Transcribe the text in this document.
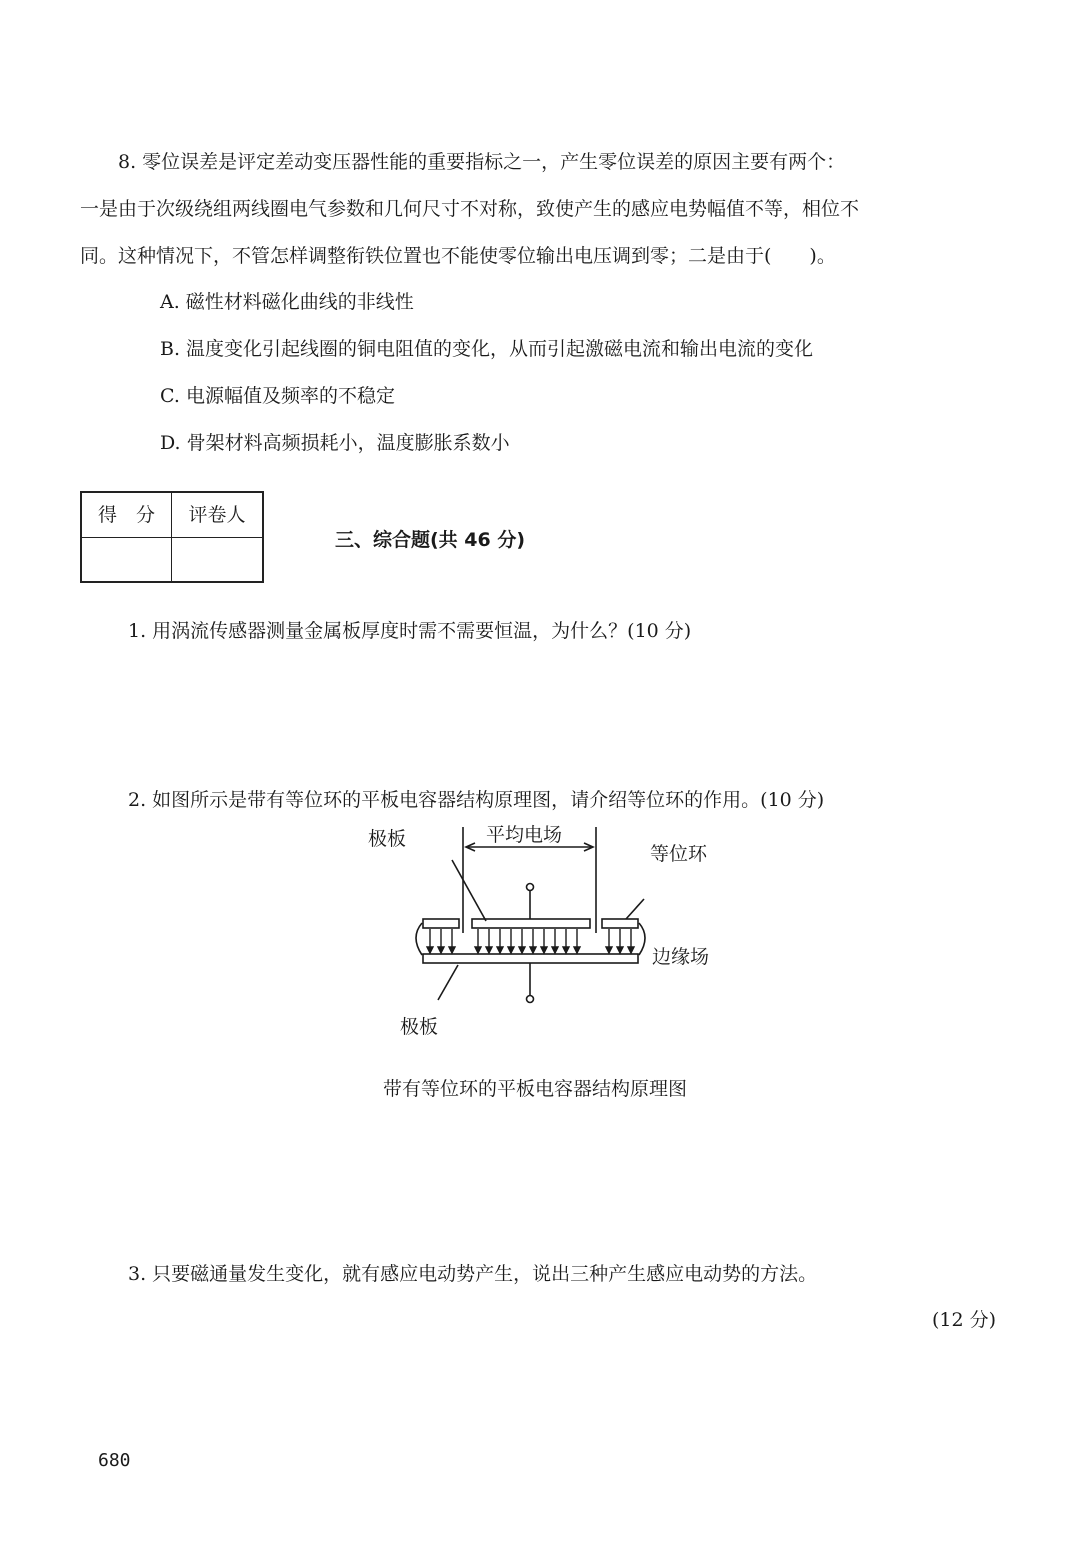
8. 零位误差是评定差动变压器性能的重要指标之一，产生零位误差的原因主要有两个：
一是由于次级绕组两线圈电气参数和几何尺寸不对称，致使产生的感应电势幅值不等，相位不
同。这种情况下，不管怎样调整衔铁位置也不能使零位输出电压调到零；二是由于(　　)。
A. 磁性材料磁化曲线的非线性
B. 温度变化引起线圈的铜电阻值的变化，从而引起激磁电流和输出电流的变化
C. 电源幅值及频率的不稳定
D. 骨架材料高频损耗小，温度膨胀系数小
得　分	评卷人
三、综合题(共 46 分)
1. 用涡流传感器测量金属板厚度时需不需要恒温，为什么？(10 分)
2. 如图所示是带有等位环的平板电容器结构原理图，请介绍等位环的作用。(10 分)
极板	平均电场
等位环
边缘场
极板
带有等位环的平板电容器结构原理图
3. 只要磁通量发生变化，就有感应电动势产生，说出三种产生感应电动势的方法。
(12 分)
680
